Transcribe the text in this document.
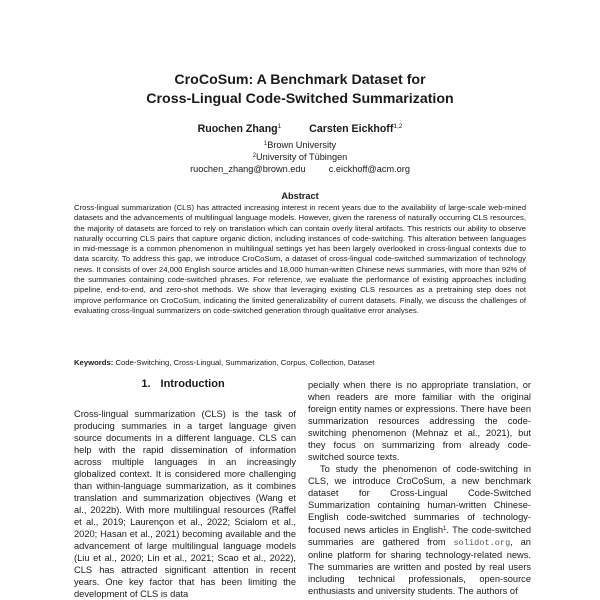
CroCoSum: A Benchmark Dataset for
Cross-Lingual Code-Switched Summarization
Ruochen Zhang$^1$	Carsten Eickhoff$^{1,2}$
$^1$Brown University
$^2$University of Tübingen
ruochen_zhang@brown.edu	c.eickhoff@acm.org
Abstract

Cross-lingual summarization (CLS) has attracted increasing interest in recent years due to the availability of large-scale web-mined datasets and the advancements of multilingual language models. However, given the rareness of naturally occurring CLS resources, the majority of datasets are forced to rely on translation which can contain overly literal artifacts. This restricts our ability to observe naturally occurring CLS pairs that capture organic diction, including instances of code-switching. This alteration between languages in mid-message is a common phenomenon in multilingual settings yet has been largely overlooked in cross-lingual contexts due to data scarcity. To address this gap, we introduce CroCoSum, a dataset of cross-lingual code-switched summarization of technology news. It consists of over 24,000 English source articles and 18,000 human-written Chinese news summaries, with more than 92% of the summaries containing code-switched phrases. For reference, we evaluate the performance of existing approaches including pipeline, end-to-end, and zero-shot methods. We show that leveraging existing CLS resources as a pretraining step does not improve performance on CroCoSum, indicating the limited generalizability of current datasets. Finally, we discuss the challenges of evaluating cross-lingual summarizers on code-switched generation through qualitative error analyses.

Keywords: Code-Switching, Cross-Lingual, Summarization, Corpus, Collection, Dataset

1. Introduction

Cross-lingual summarization (CLS) is the task of producing summaries in a target language given source documents in a different language. CLS can help with the rapid dissemination of information across multiple languages in an increasingly globalized context. It is considered more challenging than within-language summarization, as it combines translation and summarization objectives (Wang et al., 2022b). With more multilingual resources (Raffel et al., 2019; Laurençon et al., 2022; Scialom et al., 2020; Hasan et al., 2021) becoming available and the advancement of large multilingual language models (Liu et al., 2020; Lin et al., 2021; Scao et al., 2022), CLS has attracted significant attention in recent years. One key factor that has been limiting the development of CLS is data

pecially when there is no appropriate translation, or when readers are more familiar with the original foreign entity names or expressions. There have been summarization resources addressing the code-switching phenomenon (Mehnaz et al., 2021), but they focus on summarizing from already code-switched source texts.

To study the phenomenon of code-switching in CLS, we introduce CroCoSum, a new benchmark dataset for Cross-Lingual Code-Switched Summarization containing human-written Chinese-English code-switched summaries of technology-focused news articles in English$^1$. The code-switched summaries are gathered from solidot.org, an online platform for sharing technology-related news. The summaries are written and posted by real users including technical professionals, open-source enthusiasts and university students. The authors of
